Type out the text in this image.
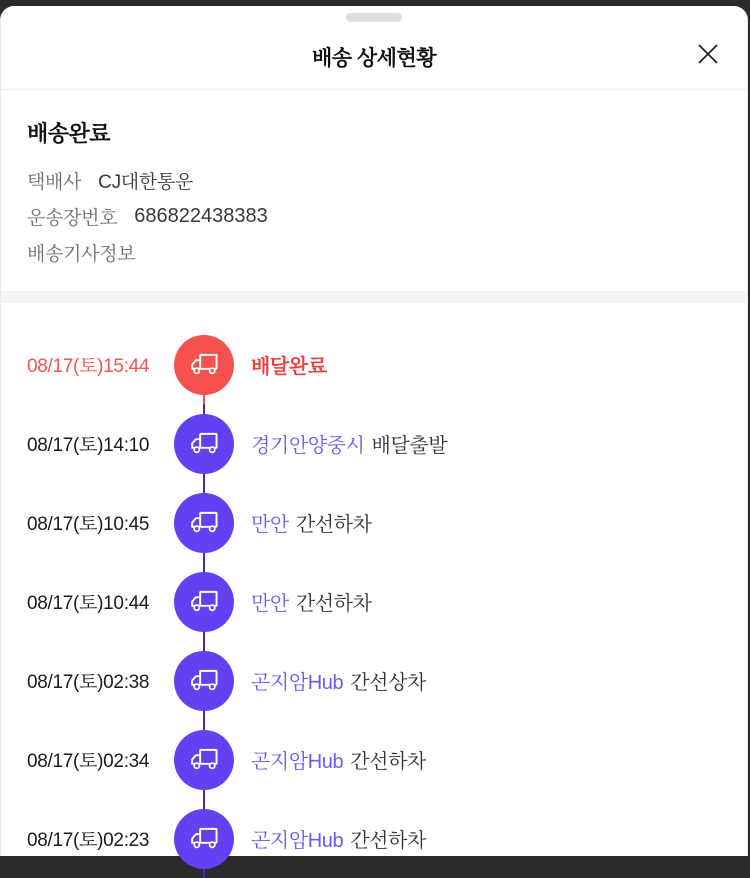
배송 상세현황
배송완료
택배사 CJ대한통운
운송장번호 686822438383
배송기사정보
08/17(토)15:44	배달완료
08/17(토)14:10	경기안양중시 배달출발
08/17(토)10:45	만안 간선하차
08/17(토)10:44	만안 간선하차
08/17(토)02:38	곤지암Hub 간선상차
08/17(토)02:34	곤지암Hub 간선하차
08/17(토)02:23	곤지암Hub 간선하차
